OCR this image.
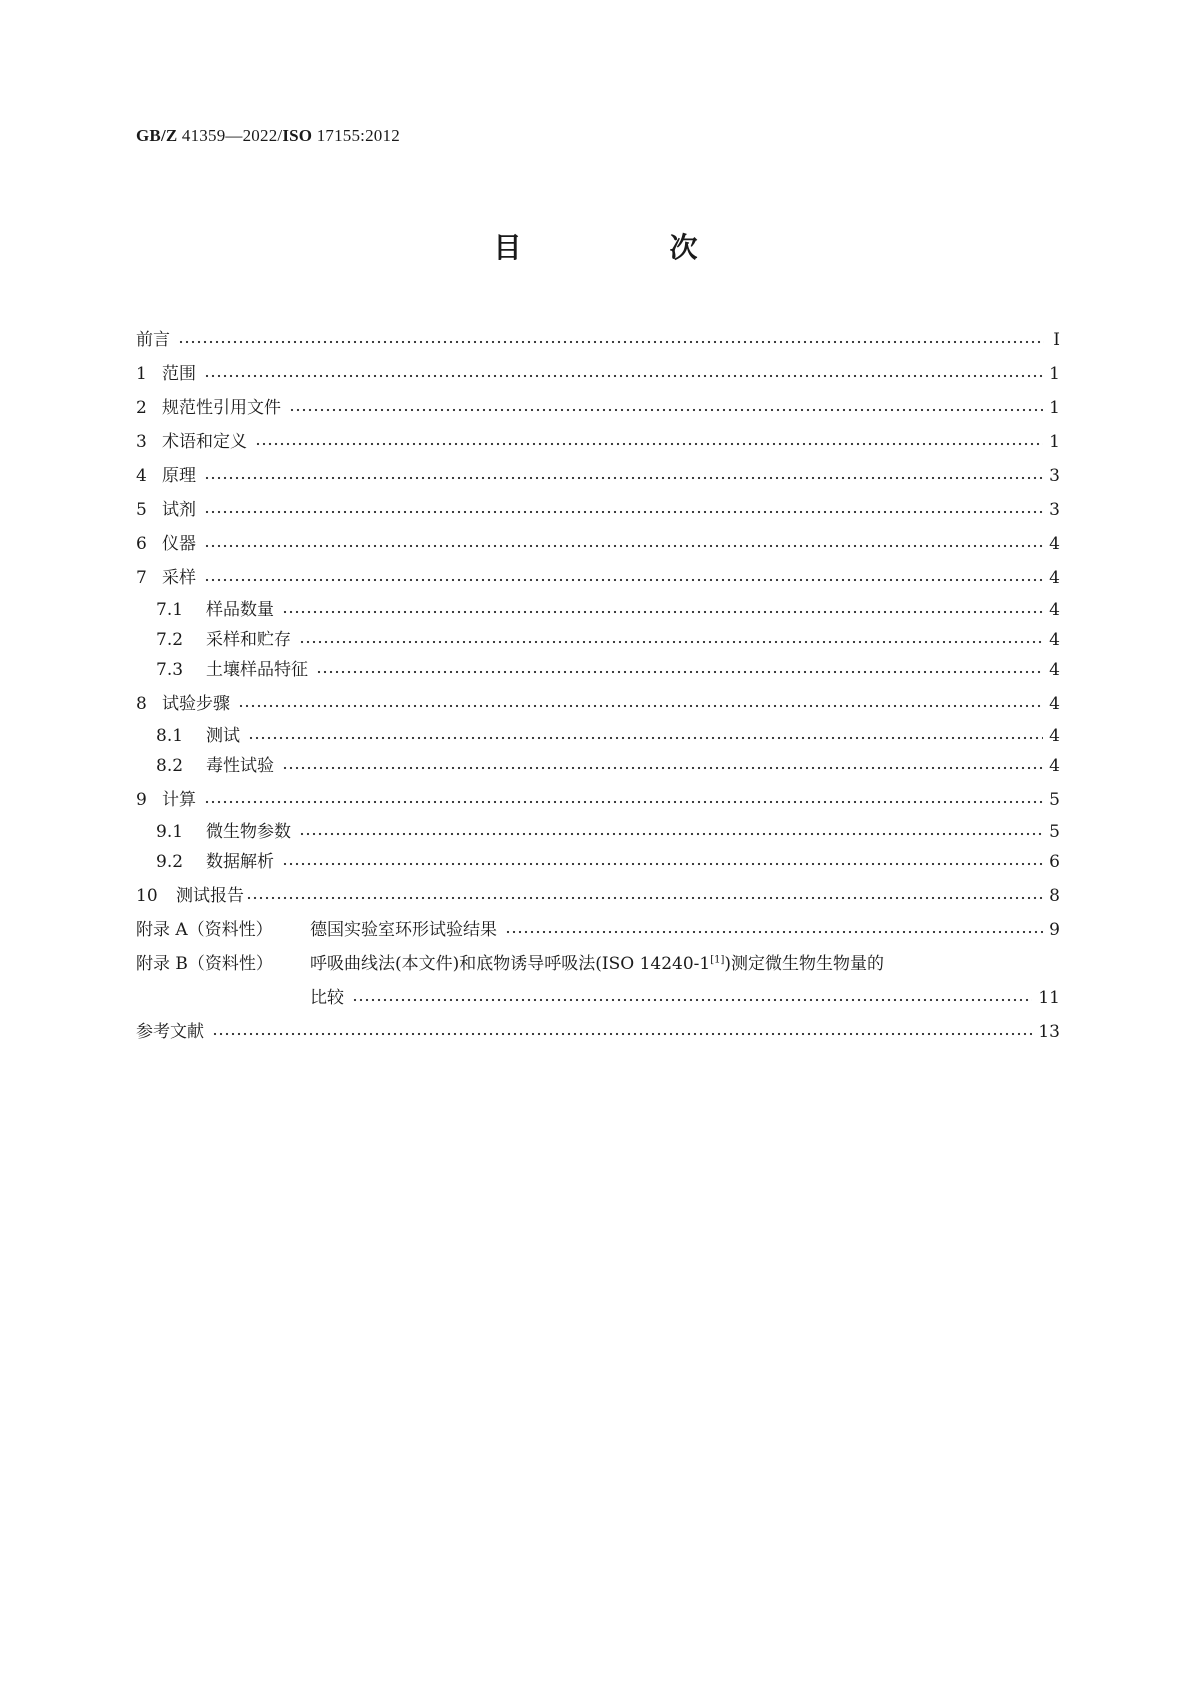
GB/Z 41359—2022/ISO 17155:2012
目　次
前言	Ⅰ
1 范围	1
2 规范性引用文件	1
3 术语和定义	1
4 原理	3
5 试剂	3
6 仪器	4
7 采样	4
7.1	样品数量	4
7.2	采样和贮存	4
7.3	土壤样品特征	4
8 试验步骤	4
8.1	测试	4
8.2	毒性试验	4
9 计算	5
9.1	微生物参数	5
9.2	数据解析	6
10	测试报告	8
附录 A（资料性）	德国实验室环形试验结果	9
附录 B（资料性）	呼吸曲线法(本文件)和底物诱导呼吸法(ISO 14240-1[1])测定微生物生物量的
比较	11
参考文献	13
